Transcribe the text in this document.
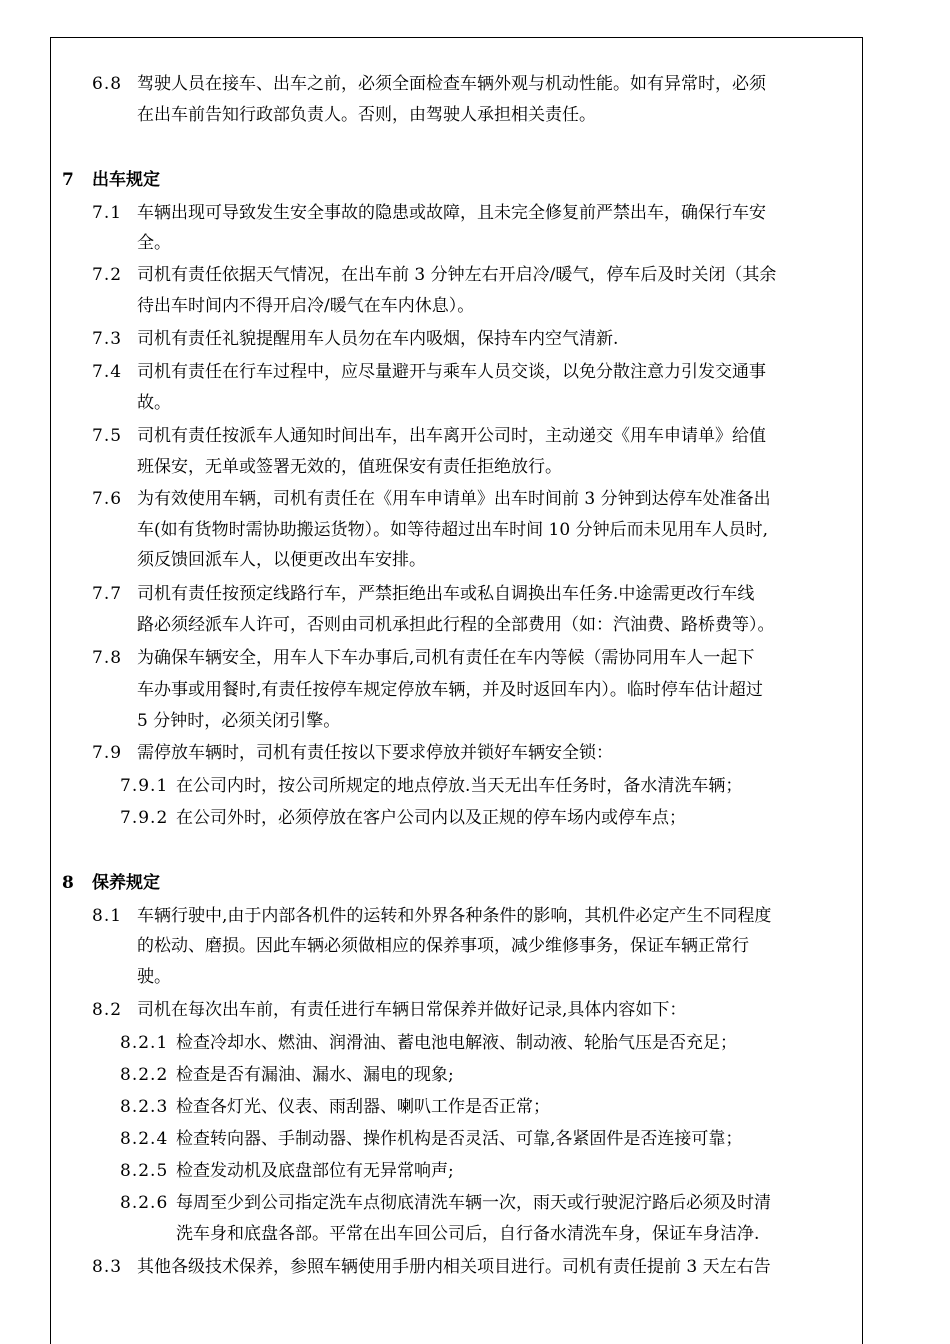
6.8 驾驶人员在接车、出车之前，必须全面检查车辆外观与机动性能。如有异常时，必须
在出车前告知行政部负责人。否则，由驾驶人承担相关责任。
7 出车规定
7.1 车辆出现可导致发生安全事故的隐患或故障，且未完全修复前严禁出车，确保行车安
全。
7.2 司机有责任依据天气情况，在出车前 3 分钟左右开启冷/暖气，停车后及时关闭（其余
待出车时间内不得开启冷/暖气在车内休息）。
7.3 司机有责任礼貌提醒用车人员勿在车内吸烟，保持车内空气清新.
7.4 司机有责任在行车过程中，应尽量避开与乘车人员交谈，以免分散注意力引发交通事
故。
7.5 司机有责任按派车人通知时间出车，出车离开公司时，主动递交《用车申请单》给值
班保安，无单或签署无效的，值班保安有责任拒绝放行。
7.6 为有效使用车辆，司机有责任在《用车申请单》出车时间前 3 分钟到达停车处准备出
车(如有货物时需协助搬运货物）。如等待超过出车时间 10 分钟后而未见用车人员时,
须反馈回派车人，以便更改出车安排。
7.7 司机有责任按预定线路行车，严禁拒绝出车或私自调换出车任务.中途需更改行车线
路必须经派车人许可，否则由司机承担此行程的全部费用（如：汽油费、路桥费等）。
7.8 为确保车辆安全，用车人下车办事后,司机有责任在车内等候（需协同用车人一起下
车办事或用餐时,有责任按停车规定停放车辆，并及时返回车内）。临时停车估计超过
5 分钟时，必须关闭引擎。
7.9 需停放车辆时，司机有责任按以下要求停放并锁好车辆安全锁：
7.9.1 在公司内时，按公司所规定的地点停放.当天无出车任务时，备水清洗车辆；
7.9.2 在公司外时，必须停放在客户公司内以及正规的停车场内或停车点；
8 保养规定
8.1 车辆行驶中,由于内部各机件的运转和外界各种条件的影响，其机件必定产生不同程度
的松动、磨损。因此车辆必须做相应的保养事项，减少维修事务，保证车辆正常行
驶。
8.2 司机在每次出车前，有责任进行车辆日常保养并做好记录,具体内容如下：
8.2.1 检查冷却水、燃油、润滑油、蓄电池电解液、制动液、轮胎气压是否充足；
8.2.2 检查是否有漏油、漏水、漏电的现象;
8.2.3 检查各灯光、仪表、雨刮器、喇叭工作是否正常；
8.2.4 检查转向器、手制动器、操作机构是否灵活、可靠,各紧固件是否连接可靠；
8.2.5 检查发动机及底盘部位有无异常响声;
8.2.6 每周至少到公司指定洗车点彻底清洗车辆一次，雨天或行驶泥泞路后必须及时清
洗车身和底盘各部。平常在出车回公司后，自行备水清洗车身，保证车身洁净.
8.3 其他各级技术保养，参照车辆使用手册内相关项目进行。司机有责任提前 3 天左右告
